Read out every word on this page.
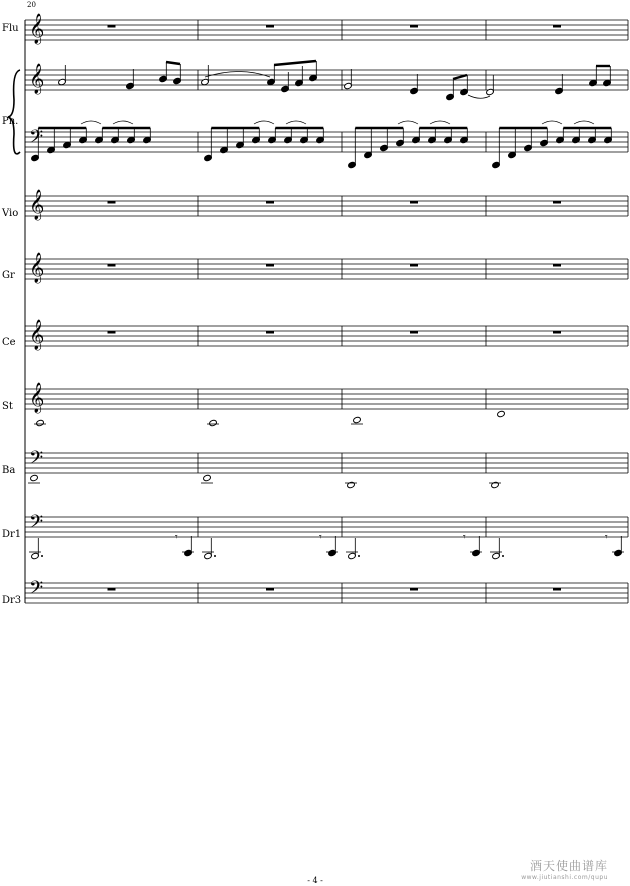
20
Flu
Pn.
Vio
Gr
Ce
St
Ba
Dr1
Dr3
𝄞
𝄞
𝄢
𝄞
𝄞
𝄞
𝄞
𝄢
𝄢
𝄢
𝄾	𝄾	𝄾	𝄾
- 4 -
酒天使曲谱库
www.jiutianshi.com/qupu
